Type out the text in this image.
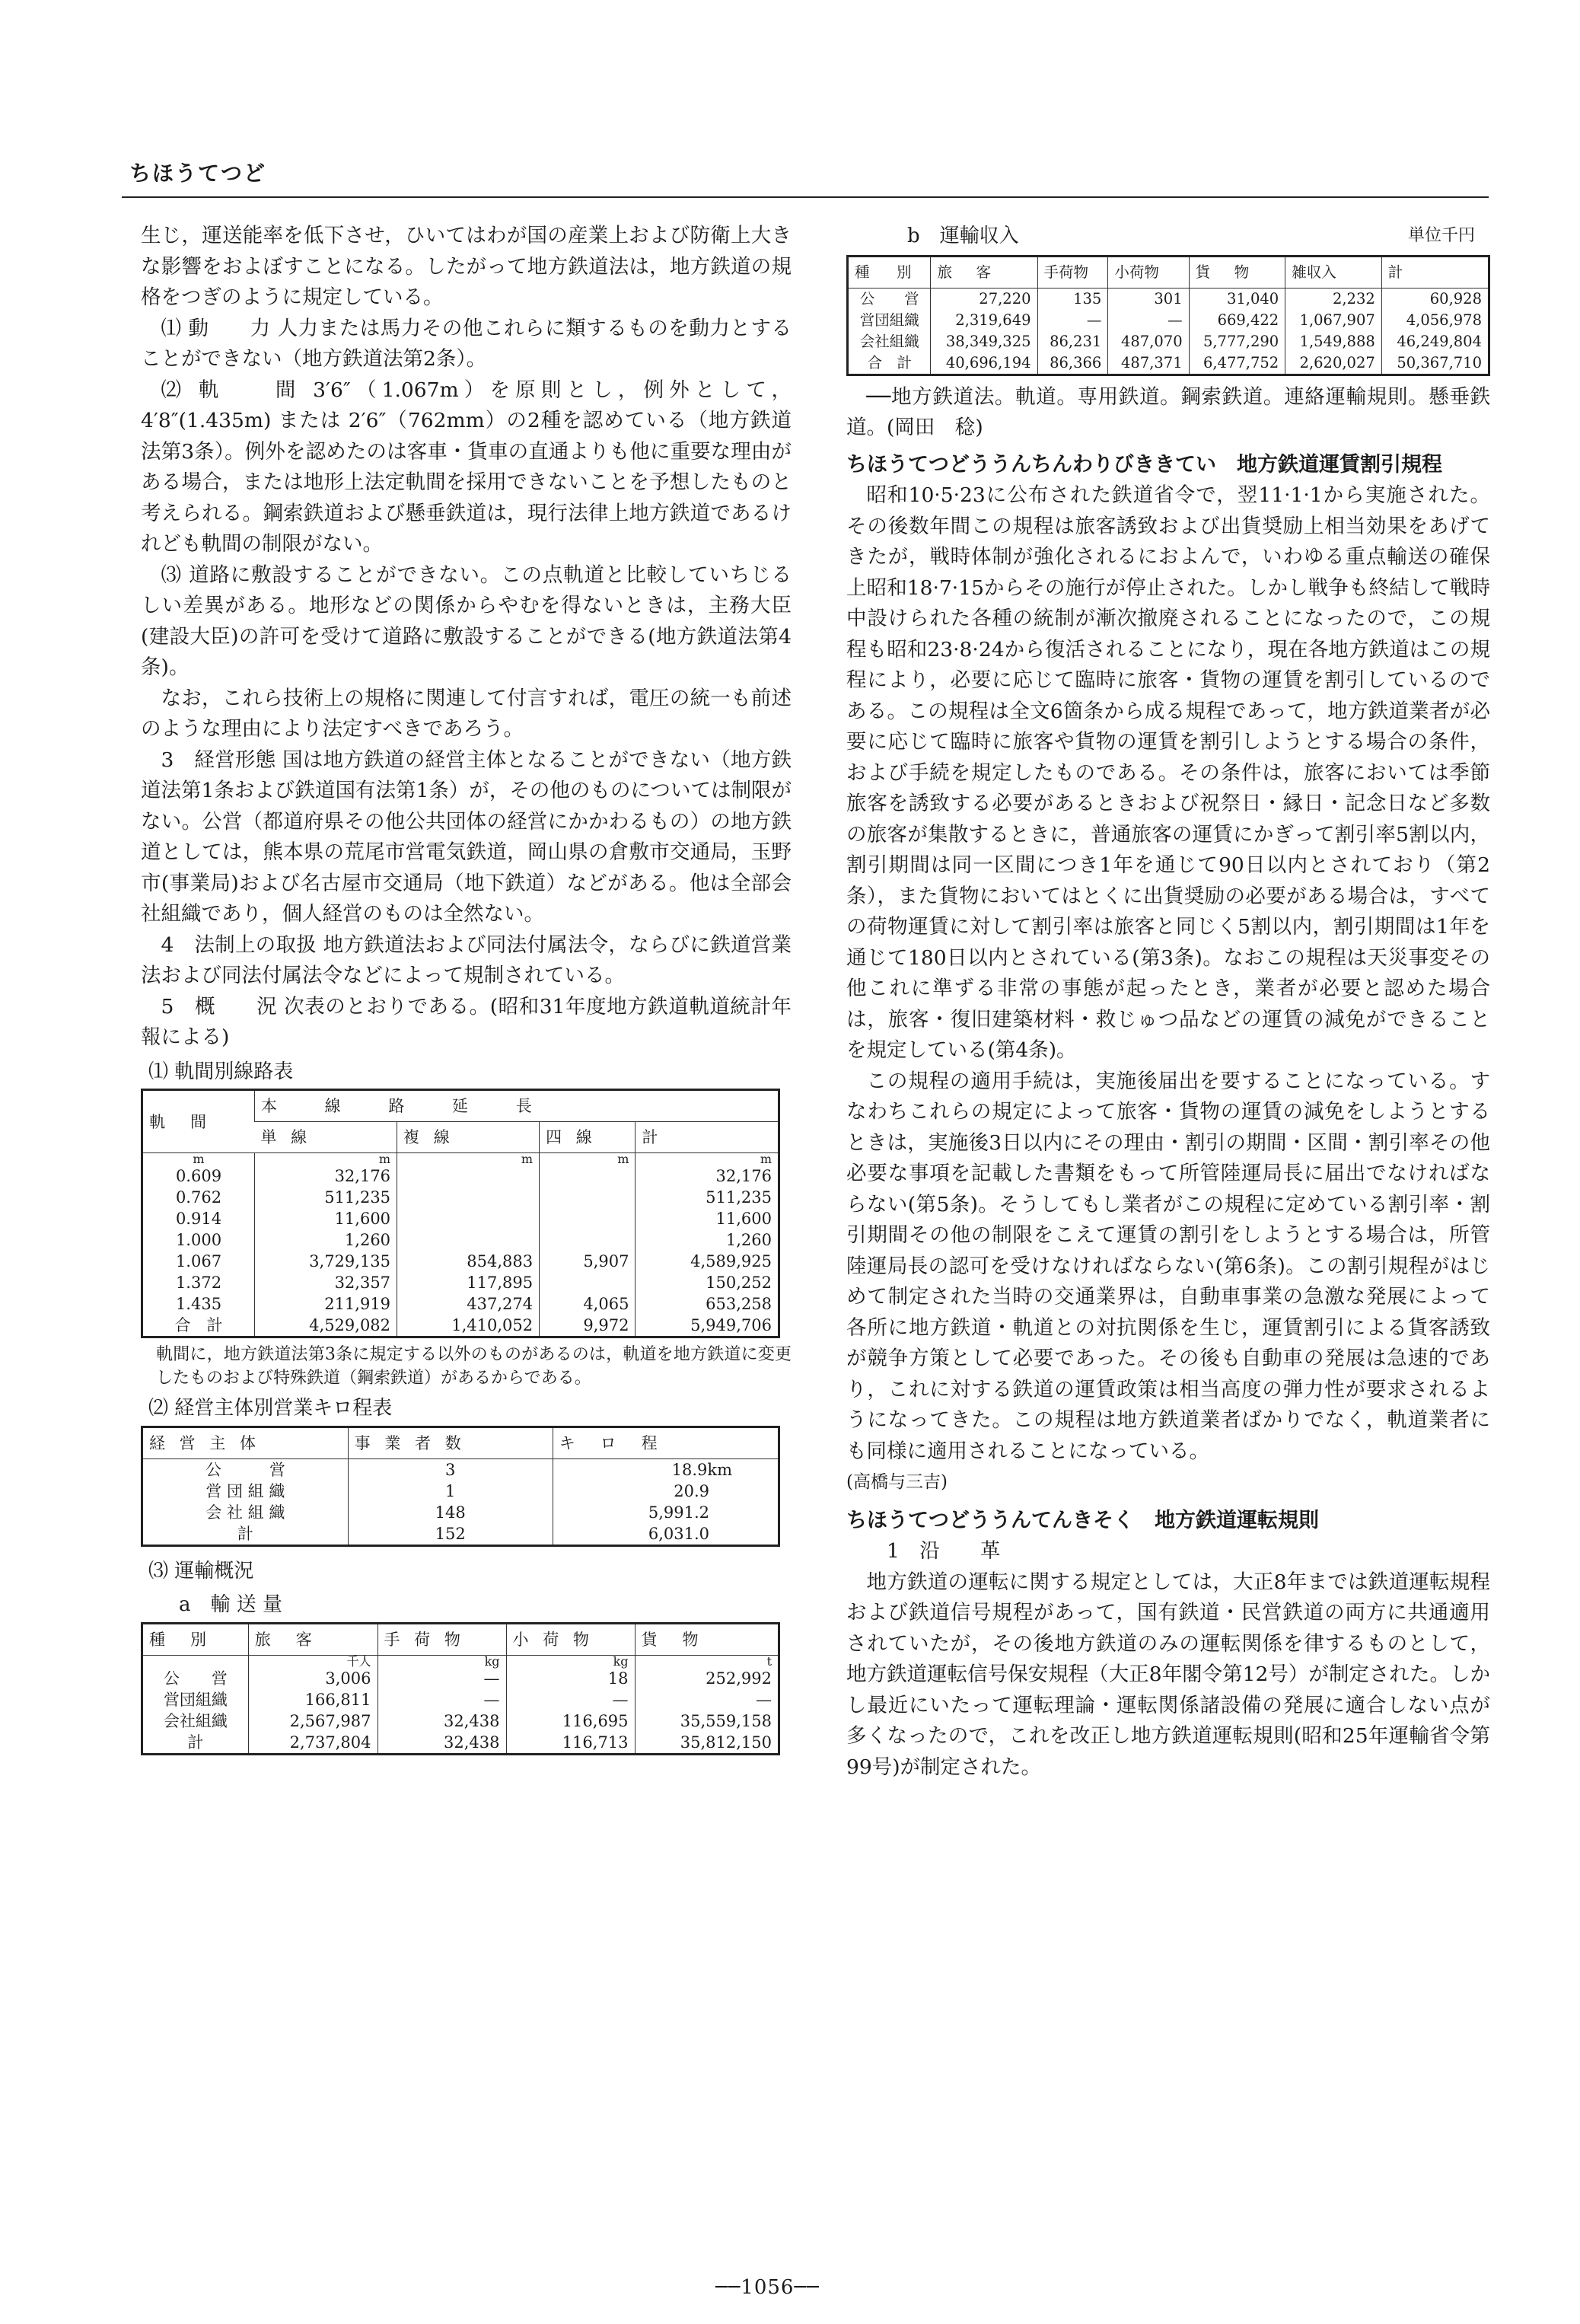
ちほうてつど

生じ，運送能率を低下させ，ひいてはわが国の産業上および防衛上大きな影響をおよぼすことになる。したがって地方鉄道法は，地方鉄道の規格をつぎのように規定している。

⑴ 動　　力 人力または馬力その他これらに類するものを動力とすることができない（地方鉄道法第2条）。

⑵ 軌　　間 3′6″（1.067m）を原則とし，例外として，4′8″(1.435m) または 2′6″（762mm）の2種を認めている（地方鉄道法第3条）。例外を認めたのは客車・貨車の直通よりも他に重要な理由がある場合，または地形上法定軌間を採用できないことを予想したものと考えられる。鋼索鉄道および懸垂鉄道は，現行法律上地方鉄道であるけれども軌間の制限がない。

⑶ 道路に敷設することができない。この点軌道と比較していちじるしい差異がある。地形などの関係からやむを得ないときは，主務大臣(建設大臣)の許可を受けて道路に敷設することができる(地方鉄道法第4条)。

なお，これら技術上の規格に関連して付言すれば，電圧の統一も前述のような理由により法定すべきであろう。

3　経営形態 国は地方鉄道の経営主体となることができない（地方鉄道法第1条および鉄道国有法第1条）が，その他のものについては制限がない。公営（都道府県その他公共団体の経営にかかわるもの）の地方鉄道としては，熊本県の荒尾市営電気鉄道，岡山県の倉敷市交通局，玉野市(事業局)および名古屋市交通局（地下鉄道）などがある。他は全部会社組織であり，個人経営のものは全然ない。

4　法制上の取扱 地方鉄道法および同法付属法令，ならびに鉄道営業法および同法付属法令などによって規制されている。

5　概　　況 次表のとおりである。(昭和31年度地方鉄道軌道統計年報による)

⑴ 軌間別線路表
軌　間	本 線 路 延 長			
	単 線	複 線	四 線	計
m	m	m	m	m
0.609	32,176			32,176
0.762	511,235			511,235
0.914	11,600			11,600
1.000	1,260			1,260
1.067	3,729,135	854,883	5,907	4,589,925
1.372	32,357	117,895		150,252
1.435	211,919	437,274	4,065	653,258
合　計	4,529,082	1,410,052	9,972	5,949,706
軌間に，地方鉄道法第3条に規定する以外のものがあるのは，軌道を地方鉄道に変更したものおよび特殊鉄道（鋼索鉄道）があるからである。
⑵ 経営主体別営業キロ程表
経 営 主 体	事 業 者 数	キ　ロ　程
公　　　営	3	18.9km
営 団 組 織	1	20.9
会 社 組 織	148	5,991.2
計	152	6,031.0
⑶ 運輸概況
a　輸 送 量
種　別	旅　客	手 荷 物	小 荷 物	貨　物
	千人	kg	kg	t
公　　営	3,006	—	18	252,992
営団組織	166,811	—	—	—
会社組織	2,567,987	32,438	116,695	35,559,158
計	2,737,804	32,438	116,713	35,812,150
b　運輸収入	単位千円
種　別	旅　客	手荷物	小荷物	貨　物	雑収入	計
公　　営	27,220	135	301	31,040	2,232	60,928
営団組織	2,319,649	—	—	669,422	1,067,907	4,056,978
会社組織	38,349,325	86,231	487,070	5,777,290	1,549,888	46,249,804
合　計	40,696,194	86,366	487,371	6,477,752	2,620,027	50,367,710

──地方鉄道法。軌道。専用鉄道。鋼索鉄道。連絡運輸規則。懸垂鉄道。(岡田　稔)

ちほうてつどううんちんわりびききてい　地方鉄道運賃割引規程

昭和10·5·23に公布された鉄道省令で，翌11·1·1から実施された。その後数年間この規程は旅客誘致および出貨奨励上相当効果をあげてきたが，戦時体制が強化されるにおよんで，いわゆる重点輸送の確保上昭和18·7·15からその施行が停止された。しかし戦争も終結して戦時中設けられた各種の統制が漸次撤廃されることになったので，この規程も昭和23·8·24から復活されることになり，現在各地方鉄道はこの規程により，必要に応じて臨時に旅客・貨物の運賃を割引しているのである。この規程は全文6箇条から成る規程であって，地方鉄道業者が必要に応じて臨時に旅客や貨物の運賃を割引しようとする場合の条件，および手続を規定したものである。その条件は，旅客においては季節旅客を誘致する必要があるときおよび祝祭日・縁日・記念日など多数の旅客が集散するときに，普通旅客の運賃にかぎって割引率5割以内，割引期間は同一区間につき1年を通じて90日以内とされており（第2条），また貨物においてはとくに出貨奨励の必要がある場合は，すべての荷物運賃に対して割引率は旅客と同じく5割以内，割引期間は1年を通じて180日以内とされている(第3条)。なおこの規程は天災事変その他これに準ずる非常の事態が起ったとき，業者が必要と認めた場合は，旅客・復旧建築材料・救じゅつ品などの運賃の減免ができることを規定している(第4条)。

この規程の適用手続は，実施後届出を要することになっている。すなわちこれらの規定によって旅客・貨物の運賃の減免をしようとするときは，実施後3日以内にその理由・割引の期間・区間・割引率その他必要な事項を記載した書類をもって所管陸運局長に届出でなければならない(第5条)。そうしてもし業者がこの規程に定めている割引率・割引期間その他の制限をこえて運賃の割引をしようとする場合は，所管陸運局長の認可を受けなければならない(第6条)。この割引規程がはじめて制定された当時の交通業界は，自動車事業の急激な発展によって各所に地方鉄道・軌道との対抗関係を生じ，運賃割引による貨客誘致が競争方策として必要であった。その後も自動車の発展は急速的であり，これに対する鉄道の運賃政策は相当高度の弾力性が要求されるようになってきた。この規程は地方鉄道業者ばかりでなく，軌道業者にも同様に適用されることになっている。

(高橋与三吉)

ちほうてつどううんてんきそく　地方鉄道運転規則

1　沿　　革

地方鉄道の運転に関する規定としては，大正8年までは鉄道運転規程および鉄道信号規程があって，国有鉄道・民営鉄道の両方に共通適用されていたが，その後地方鉄道のみの運転関係を律するものとして，地方鉄道運転信号保安規程（大正8年閣令第12号）が制定された。しかし最近にいたって運転理論・運転関係諸設備の発展に適合しない点が多くなったので，これを改正し地方鉄道運転規則(昭和25年運輸省令第99号)が制定された。

──1056──
